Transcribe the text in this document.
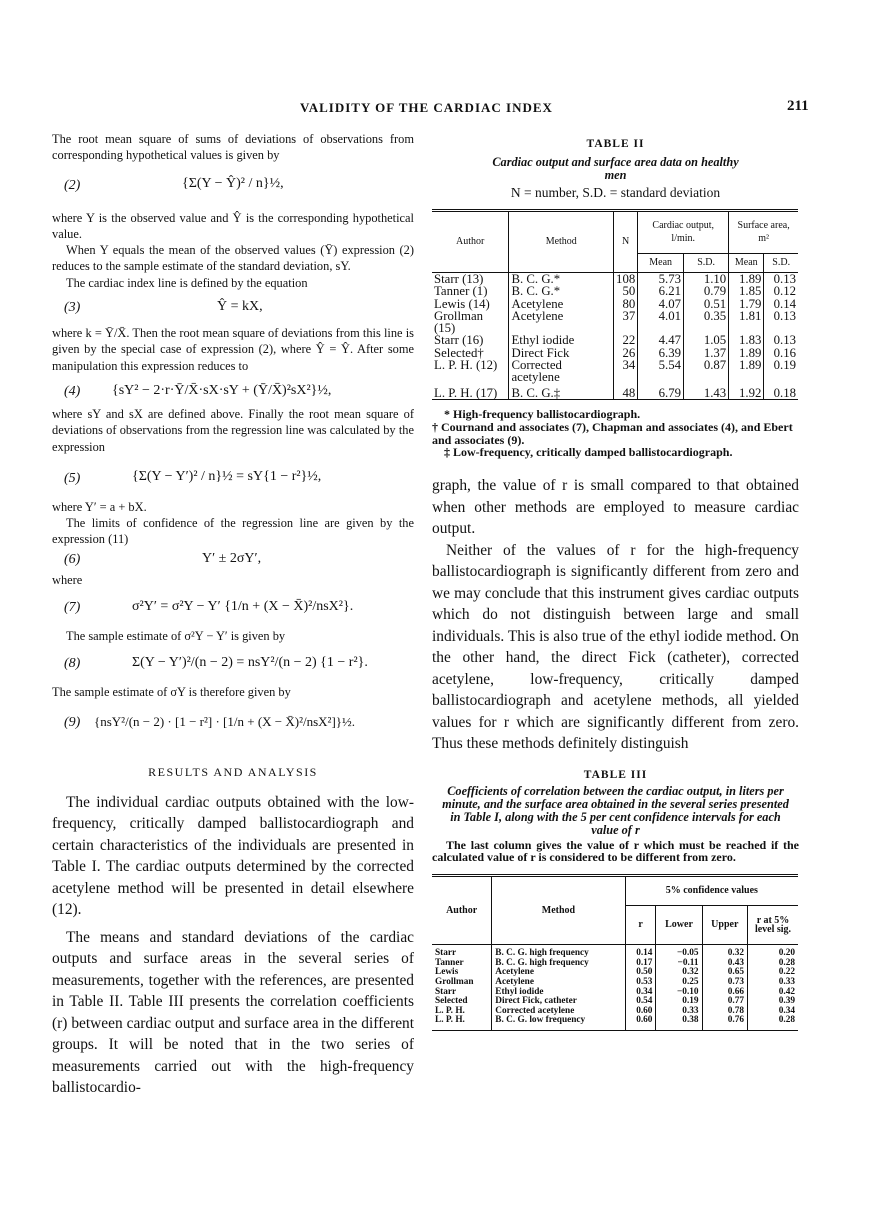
VALIDITY OF THE CARDIAC INDEX	211

The root mean square of sums of deviations of observations from corresponding hypothetical values is given by

(2)	{Σ(Y − Ŷ)² / n}½,

where Y is the observed value and Ŷ is the corresponding hypothetical value.

When Y equals the mean of the observed values (Ȳ) expression (2) reduces to the sample estimate of the standard deviation, sY.

The cardiac index line is defined by the equation

(3)	Ŷ = kX,

where k = Ȳ/X̄. Then the root mean square of deviations from this line is given by the special case of expression (2), where Ŷ = Ŷ. After some manipulation this expression reduces to

(4) {sY² − 2·r·Ȳ/X̄·sX·sY + (Ȳ/X̄)²sX²}½,

where sY and sX are defined above. Finally the root mean square of deviations of observations from the regression line was calculated by the expression

(5)	{Σ(Y − Y′)² / n}½ = sY{1 − r²}½,

where Y′ = a + bX.

The limits of confidence of the regression line are given by the expression (11)

(6)	Y′ ± 2σY′,

where

(7)	σ²Y′ = σ²Y − Y′ {1/n + (X − X̄)²/nsX²}.

The sample estimate of σ²Y − Y′ is given by

(8)	Σ(Y − Y′)²/(n − 2) = nsY²/(n − 2) {1 − r²}.

The sample estimate of σY is therefore given by

(9) {nsY²/(n − 2) · [1 − r²] · [1/n + (X − X̄)²/nsX²]}½.
RESULTS AND ANALYSIS

The individual cardiac outputs obtained with the low-frequency, critically damped ballistocardiograph and certain characteristics of the individuals are presented in Table I. The cardiac outputs determined by the corrected acetylene method will be presented in detail elsewhere (12).

The means and standard deviations of the cardiac outputs and surface areas in the several series of measurements, together with the references, are presented in Table II. Table III presents the correlation coefficients (r) between cardiac output and surface area in the different groups. It will be noted that in the two series of measurements carried out with the high-frequency ballistocardio-

TABLE II
Cardiac output and surface area data on healthy men
N = number, S.D. = standard deviation
Author	Method	N	Cardiac output, l/min.		Surface area, m²	
			Mean	S.D.	Mean	S.D.
Starr (13)	B. C. G.*	108	5.73	1.10	1.89	0.13
Tanner (1)	B. C. G.*	50	6.21	0.79	1.85	0.12
Lewis (14)	Acetylene	80	4.07	0.51	1.79	0.14
Grollman (15)	Acetylene	37	4.01	0.35	1.81	0.13
Starr (16)	Ethyl iodide	22	4.47	1.05	1.83	0.13
Selected†	Direct Fick	26	6.39	1.37	1.89	0.16
L. P. H. (12)	Corrected acetylene	34	5.54	0.87	1.89	0.19
L. P. H. (17)	B. C. G.‡	48	6.79	1.43	1.92	0.18
* High-frequency ballistocardiograph.
† Cournand and associates (7), Chapman and associates (4), and Ebert and associates (9).
‡ Low-frequency, critically damped ballistocardiograph.

graph, the value of r is small compared to that obtained when other methods are employed to measure cardiac output.

Neither of the values of r for the high-frequency ballistocardiograph is significantly different from zero and we may conclude that this instrument gives cardiac outputs which do not distinguish between large and small individuals. This is also true of the ethyl iodide method. On the other hand, the direct Fick (catheter), corrected acetylene, low-frequency, critically damped ballistocardiograph and acetylene methods, all yielded values for r which are significantly different from zero. Thus these methods definitely distinguish

TABLE III
Coefficients of correlation between the cardiac output, in liters per minute, and the surface area obtained in the several series presented in Table I, along with the 5 per cent confidence intervals for each value of r

The last column gives the value of r which must be reached if the calculated value of r is considered to be different from zero.

Author	Method	5% confidence values			
		r	Lower	Upper	r at 5% level sig.
Starr	B. C. G. high frequency	0.14	−0.05	0.32	0.20
Tanner	B. C. G. high frequency	0.17	−0.11	0.43	0.28
Lewis	Acetylene	0.50	0.32	0.65	0.22
Grollman	Acetylene	0.53	0.25	0.73	0.33
Starr	Ethyl iodide	0.34	−0.10	0.66	0.42
Selected	Direct Fick, catheter	0.54	0.19	0.77	0.39
L. P. H.	Corrected acetylene	0.60	0.33	0.78	0.34
L. P. H.	B. C. G. low frequency	0.60	0.38	0.76	0.28
